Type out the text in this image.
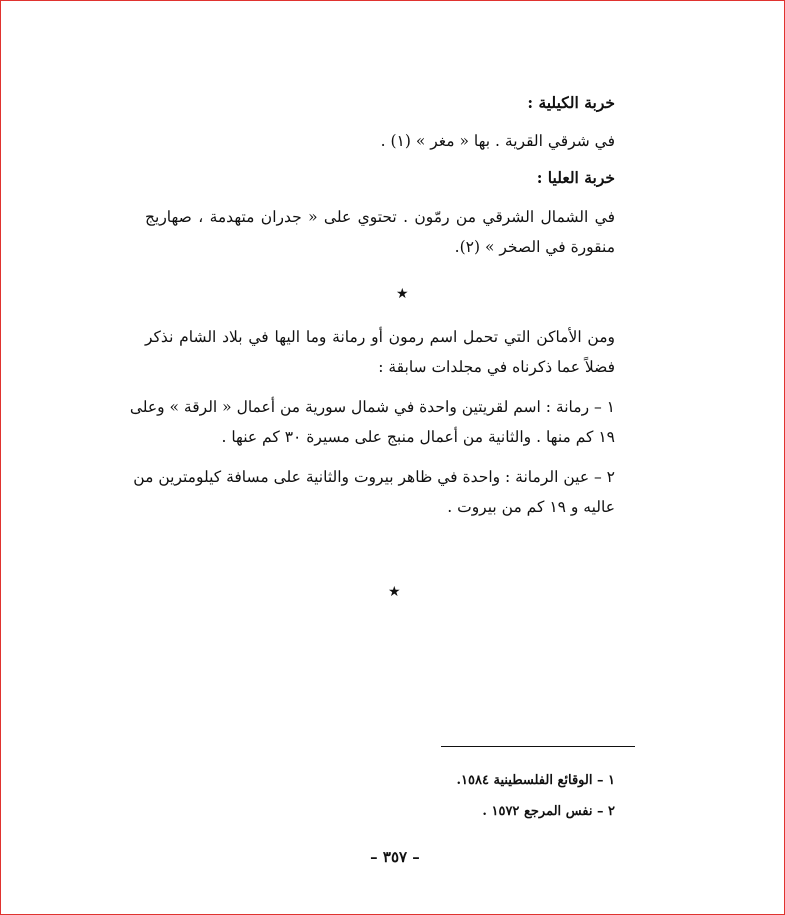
خربة الكيلية :
في شرقي القرية . بها « مغر » (١) .
خربة العليا :
في الشمال الشرقي من رمّون . تحتوي على « جدران متهدمة ، صهاريج
منقورة في الصخر » (٢).
★
ومن الأماكن التي تحمل اسم رمون أو رمانة وما اليها في بلاد الشام نذكر
فضلاً عما ذكرناه في مجلدات سابقة :
١ – رمانة : اسم لقريتين واحدة في شمال سورية من أعمال « الرقة » وعلى
١٩ كم منها . والثانية من أعمال منبج على مسيرة ٣٠ كم عنها .
٢ – عين الرمانة : واحدة في ظاهر بيروت والثانية على مسافة كيلومترين من
عاليه و ١٩ كم من بيروت .
★
١ – الوقائع الفلسطينية ١٥٨٤.
٢ – نفس المرجع ١٥٧٢ .
– ٣٥٧ –
